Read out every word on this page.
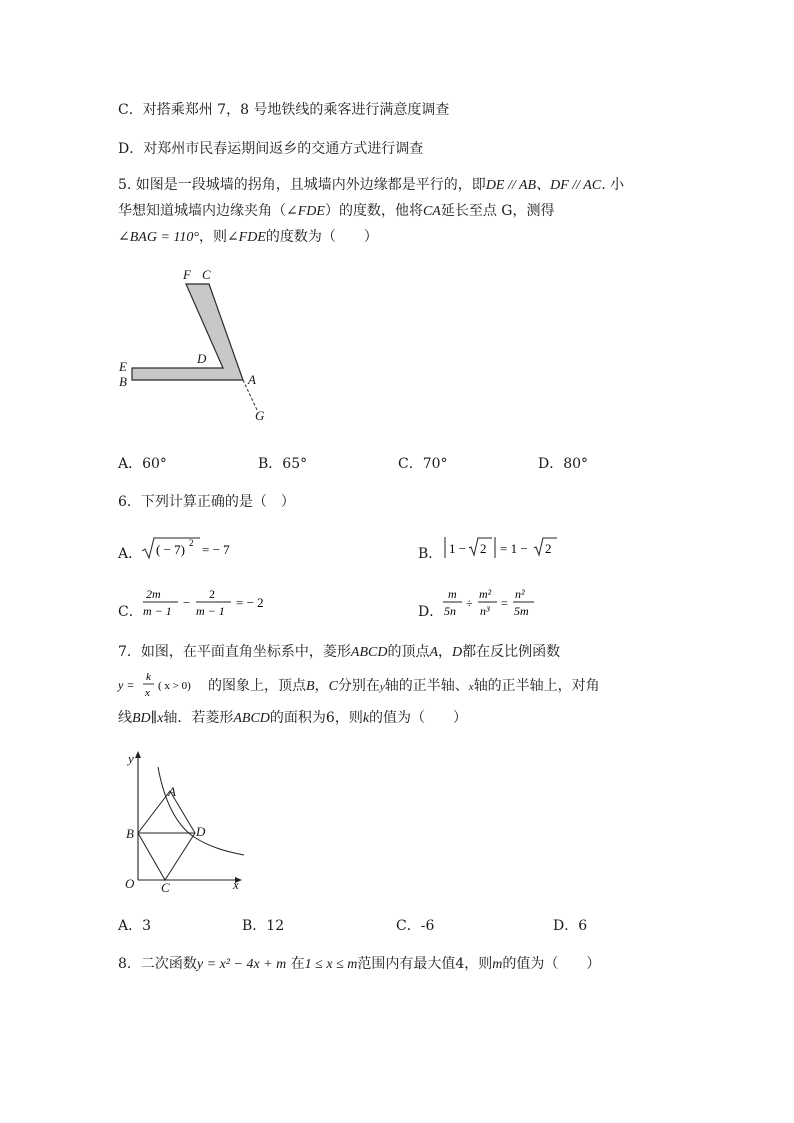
C．对搭乘郑州 7，8 号地铁线的乘客进行满意度调查
D．对郑州市民春运期间返乡的交通方式进行调查
5. 如图是一段城墙的拐角，且城墙内外边缘都是平行的，即DE // AB、DF // AC. 小
华想知道城墙内边缘夹角（∠FDE）的度数，他将CA延长至点 G，测得
∠BAG = 110°，则∠FDE的度数为（　　）
F C
D
E
B	A
G
A．60°	B．65°	C．70°	D．80°
6．下列计算正确的是（　）
A． ( − 7) 2 = − 7	B． 1 − 2 = 1 − 2
C．
2m
m − 1
−
2
m − 1
= − 2
D．
m
5n
÷
m²
n³
=
n²
5m
7．如图，在平面直角坐标系中，菱形ABCD的顶点A，D都在反比例函数
y =
k
x
( x > 0) 的图象上，顶点B，C分别在y轴的正半轴、x轴的正半轴上，对角
线BD∥x轴．若菱形ABCD的面积为6，则k的值为（　　）
y
A
B	D
O C	x
A．3	B．12	C．-6	D．6
8．二次函数y = x² − 4x + m 在1 ≤ x ≤ m范围内有最大值4，则m的值为（　　）
